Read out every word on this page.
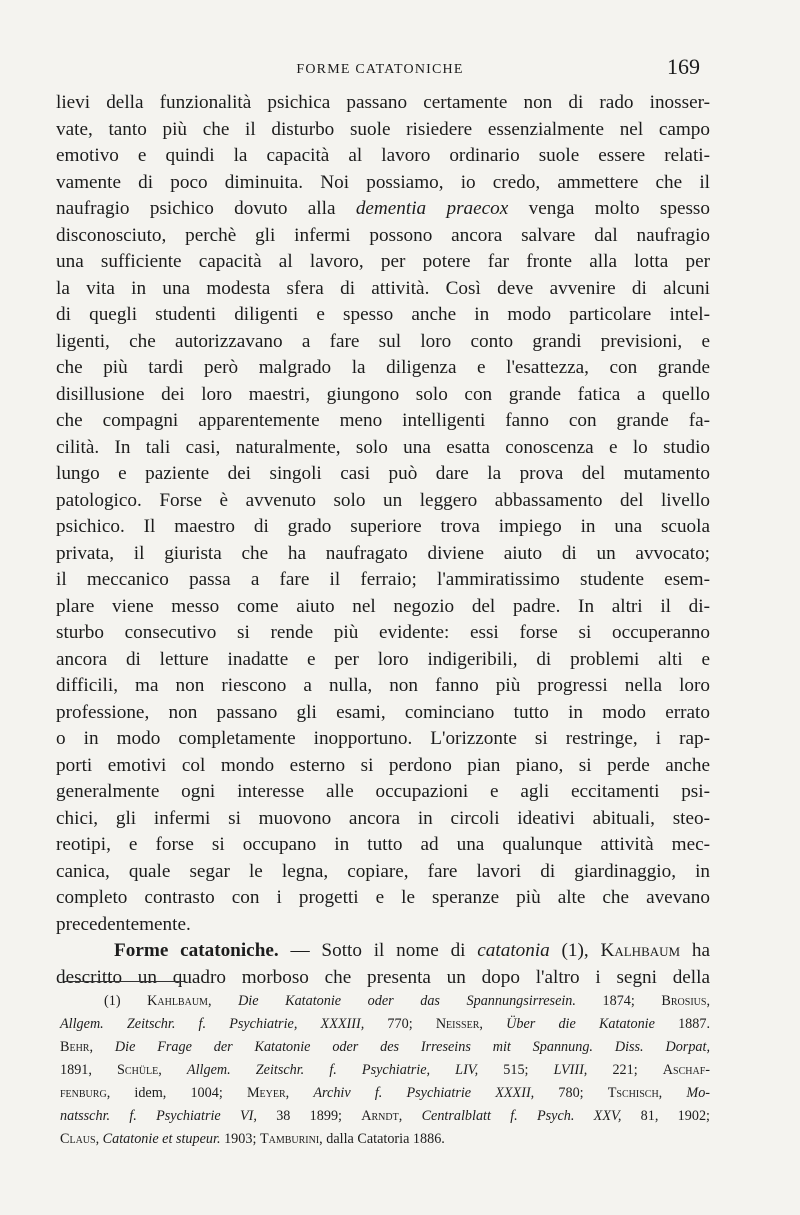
FORME CATATONICHE	169
lievi della funzionalità psichica passano certamente non di rado inosser-
vate, tanto più che il disturbo suole risiedere essenzialmente nel campo
emotivo e quindi la capacità al lavoro ordinario suole essere relati-
vamente di poco diminuita. Noi possiamo, io credo, ammettere che il
naufragio psichico dovuto alla dementia praecox venga molto spesso
disconosciuto, perchè gli infermi possono ancora salvare dal naufragio
una sufficiente capacità al lavoro, per potere far fronte alla lotta per
la vita in una modesta sfera di attività. Così deve avvenire di alcuni
di quegli studenti diligenti e spesso anche in modo particolare intel-
ligenti, che autorizzavano a fare sul loro conto grandi previsioni, e
che più tardi però malgrado la diligenza e l'esattezza, con grande
disillusione dei loro maestri, giungono solo con grande fatica a quello
che compagni apparentemente meno intelligenti fanno con grande fa-
cilità. In tali casi, naturalmente, solo una esatta conoscenza e lo studio
lungo e paziente dei singoli casi può dare la prova del mutamento
patologico. Forse è avvenuto solo un leggero abbassamento del livello
psichico. Il maestro di grado superiore trova impiego in una scuola
privata, il giurista che ha naufragato diviene aiuto di un avvocato;
il meccanico passa a fare il ferraio; l'ammiratissimo studente esem-
plare viene messo come aiuto nel negozio del padre. In altri il di-
sturbo consecutivo si rende più evidente: essi forse si occuperanno
ancora di letture inadatte e per loro indigeribili, di problemi alti e
difficili, ma non riescono a nulla, non fanno più progressi nella loro
professione, non passano gli esami, cominciano tutto in modo errato
o in modo completamente inopportuno. L'orizzonte si restringe, i rap-
porti emotivi col mondo esterno si perdono pian piano, si perde anche
generalmente ogni interesse alle occupazioni e agli eccitamenti psi-
chici, gli infermi si muovono ancora in circoli ideativi abituali, steo-
reotipi, e forse si occupano in tutto ad una qualunque attività mec-
canica, quale segar le legna, copiare, fare lavori di giardinaggio, in
completo contrasto con i progetti e le speranze più alte che avevano
precedentemente.
Forme catatoniche. — Sotto il nome di catatonia (1), Kalhbaum ha
descritto un quadro morboso che presenta un dopo l'altro i segni della
(1) Kahlbaum, Die Katatonie oder das Spannungsirresein. 1874; Brosius,
Allgem. Zeitschr. f. Psychiatrie, XXXIII, 770; Neisser, Über die Katatonie 1887.
Behr, Die Frage der Katatonie oder des Irreseins mit Spannung. Diss. Dorpat,
1891, Schüle, Allgem. Zeitschr. f. Psychiatrie, LIV, 515; LVIII, 221; Aschaf-
fenburg, idem, 1004; Meyer, Archiv f. Psychiatrie XXXII, 780; Tschisch, Mo-
natsschr. f. Psychiatrie VI, 38 1899; Arndt, Centralblatt f. Psych. XXV, 81, 1902;
Claus, Catatonie et stupeur. 1903; Tamburini, dalla Catatoria 1886.
